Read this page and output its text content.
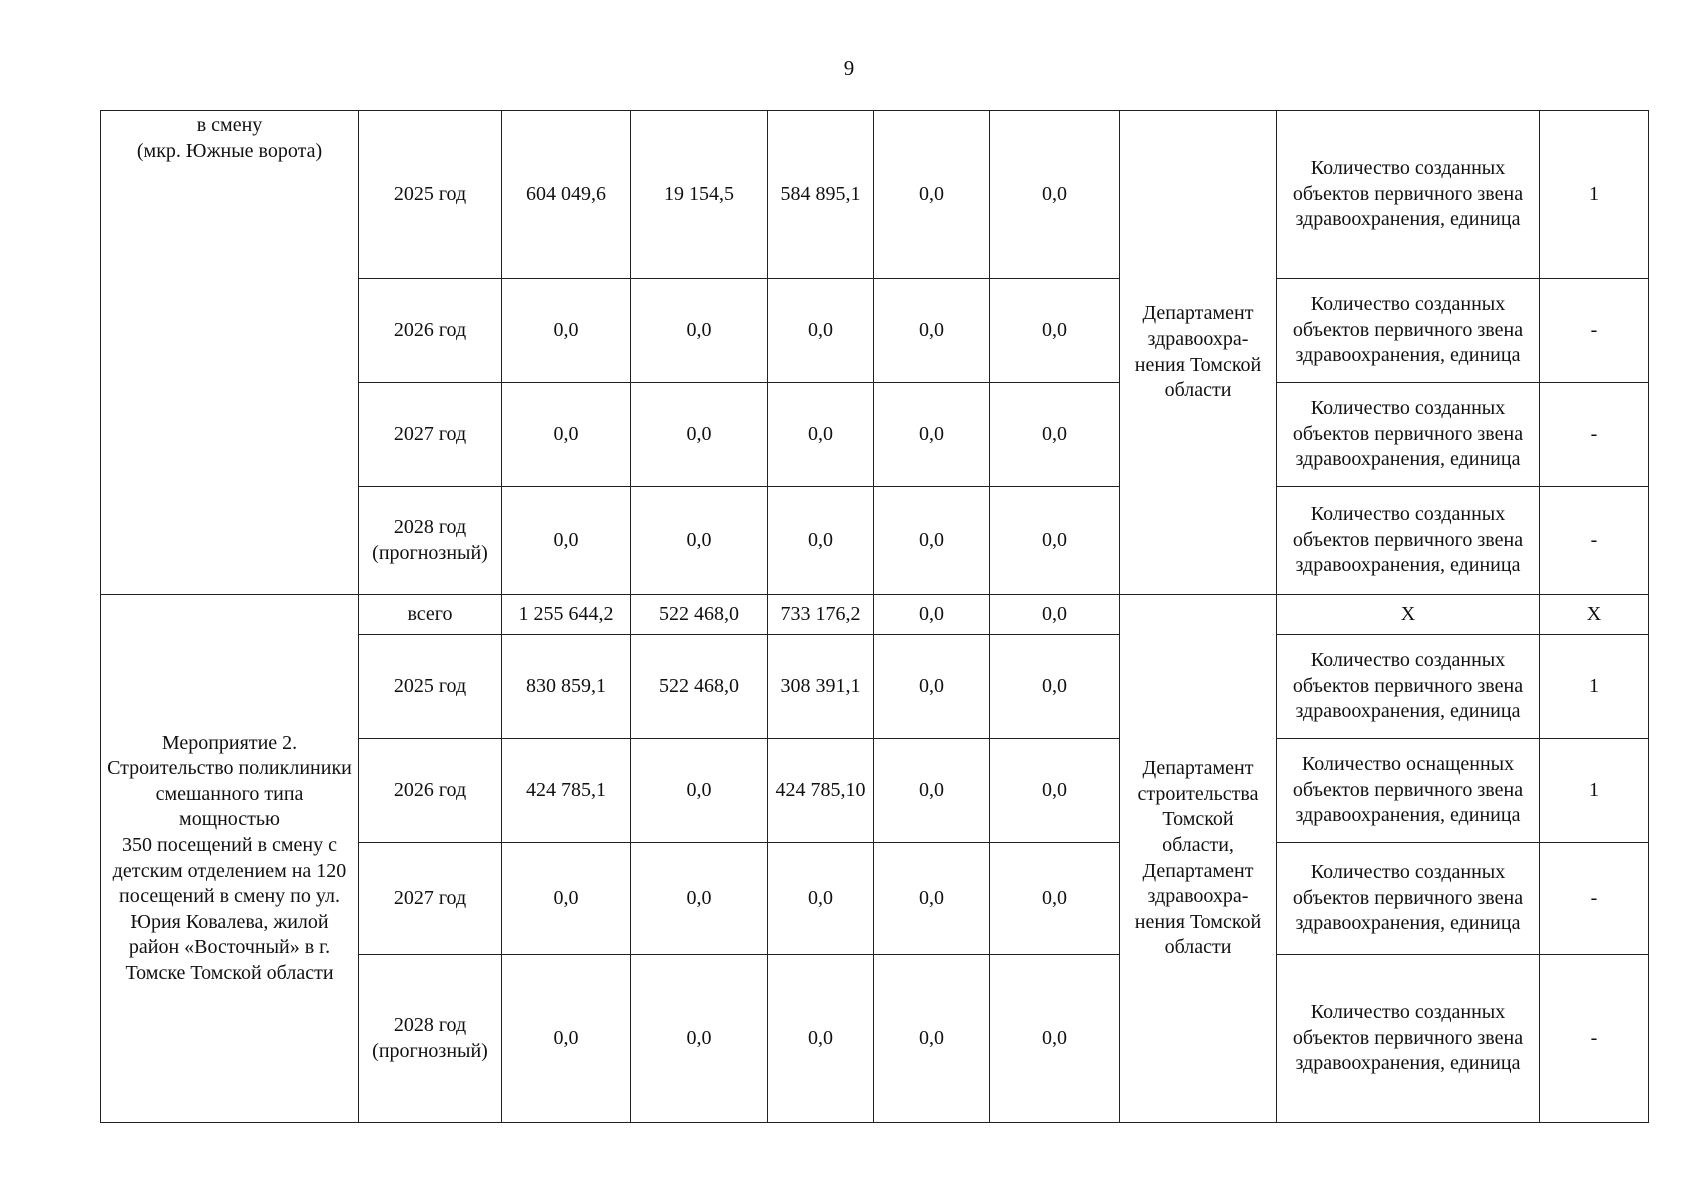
9
в смену
(мкр. Южные ворота)	2025 год	604 049,6	19 154,5	584 895,1	0,0	0,0	Департамент здравоохра-нения Томской области	Количество созданных объектов первичного звена здравоохранения, единица	1
	2026 год	0,0	0,0	0,0	0,0	0,0		Количество созданных объектов первичного звена здравоохранения, единица	-
	2027 год	0,0	0,0	0,0	0,0	0,0		Количество созданных объектов первичного звена здравоохранения, единица	-
	2028 год (прогнозный)	0,0	0,0	0,0	0,0	0,0		Количество созданных объектов первичного звена здравоохранения, единица	-

Мероприятие 2.
Строительство поликлиники смешанного типа мощностью
350 посещений в смену с детским отделением на 120 посещений в смену по ул. Юрия Ковалева, жилой район «Восточный» в г. Томске Томской области	всего	1 255 644,2	522 468,0	733 176,2	0,0	0,0	Департамент строительства Томской области, Департамент здравоохра-нения Томской области	Х	Х
	2025 год	830 859,1	522 468,0	308 391,1	0,0	0,0		Количество созданных объектов первичного звена здравоохранения, единица	1
	2026 год	424 785,1	0,0	424 785,10	0,0	0,0		Количество оснащенных объектов первичного звена здравоохранения, единица	1
	2027 год	0,0	0,0	0,0	0,0	0,0		Количество созданных объектов первичного звена здравоохранения, единица	-
	2028 год (прогнозный)	0,0	0,0	0,0	0,0	0,0		Количество созданных объектов первичного звена здравоохранения, единица	-
